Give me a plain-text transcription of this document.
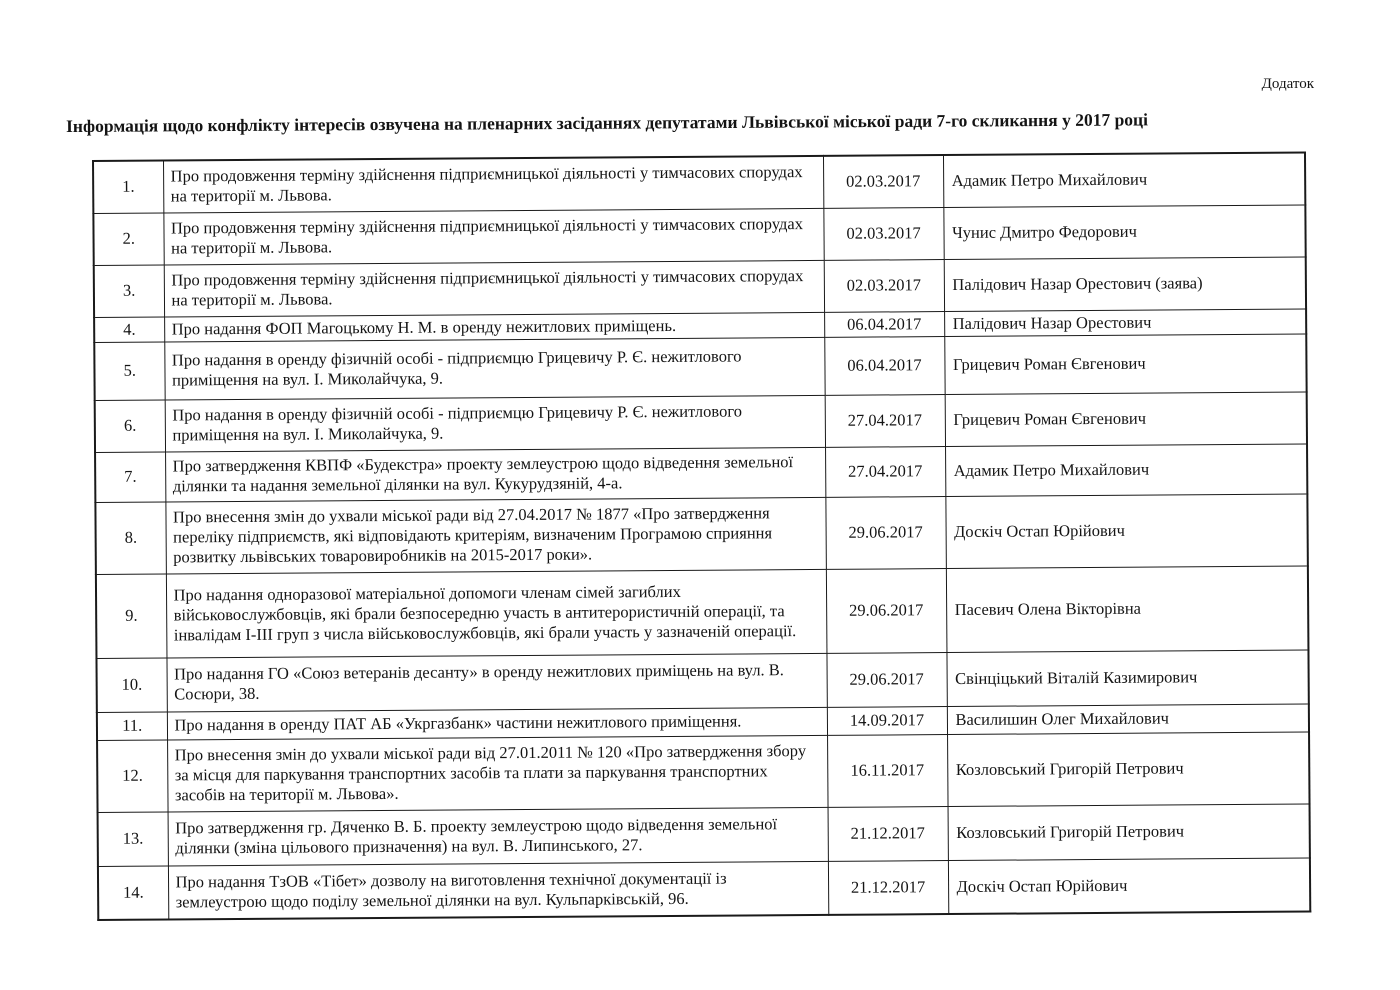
Додаток
Інформація щодо конфлікту інтересів озвучена на пленарних засіданнях депутатами Львівської міської ради 7-го скликання у 2017 році
1.	Про продовження терміну здійснення підприємницької діяльності у тимчасових спорудах на території м. Львова.	02.03.2017	Адамик Петро Михайлович
2.	Про продовження терміну здійснення підприємницької діяльності у тимчасових спорудах на території м. Львова.	02.03.2017	Чунис Дмитро Федорович
3.	Про продовження терміну здійснення підприємницької діяльності у тимчасових спорудах на території м. Львова.	02.03.2017	Палідович Назар Орестович (заява)
4.	Про надання ФОП Магоцькому Н. М. в оренду нежитлових приміщень.	06.04.2017	Палідович Назар Орестович
5.	Про надання в оренду фізичній особі - підприємцю Грицевичу Р. Є. нежитлового приміщення на вул. І. Миколайчука, 9.	06.04.2017	Грицевич Роман Євгенович
6.	Про надання в оренду фізичній особі - підприємцю Грицевичу Р. Є. нежитлового приміщення на вул. І. Миколайчука, 9.	27.04.2017	Грицевич Роман Євгенович
7.	Про затвердження КВПФ «Будекстра» проекту землеустрою щодо відведення земельної ділянки та надання земельної ділянки на вул. Кукурудзяній, 4-а.	27.04.2017	Адамик Петро Михайлович
8.	Про внесення змін до ухвали міської ради від 27.04.2017 № 1877 «Про затвердження переліку підприємств, які відповідають критеріям, визначеним Програмою сприяння розвитку львівських товаровиробників на 2015-2017 роки».	29.06.2017	Доскіч Остап Юрійович
9.	Про надання одноразової матеріальної допомоги членам сімей загиблих військовослужбовців, які брали безпосередню участь в антитерористичній операції, та інвалідам І-ІІІ груп з числа військовослужбовців, які брали участь у зазначеній операції.	29.06.2017	Пасевич Олена Вікторівна
10.	Про надання ГО «Союз ветеранів десанту» в оренду нежитлових приміщень на вул. В. Сосюри, 38.	29.06.2017	Свінціцький Віталій Казимирович
11.	Про надання в оренду ПАТ АБ «Укргазбанк» частини нежитлового приміщення.	14.09.2017	Василишин Олег Михайлович
12.	Про внесення змін до ухвали міської ради від 27.01.2011 № 120 «Про затвердження збору за місця для паркування транспортних засобів та плати за паркування транспортних засобів на території м. Львова».	16.11.2017	Козловський Григорій Петрович
13.	Про затвердження гр. Дяченко В. Б. проекту землеустрою щодо відведення земельної ділянки (зміна цільового призначення) на вул. В. Липинського, 27.	21.12.2017	Козловський Григорій Петрович
14.	Про надання ТзОВ «Тібет» дозволу на виготовлення технічної документації із землеустрою щодо поділу земельної ділянки на вул. Кульпарківській, 96.	21.12.2017	Доскіч Остап Юрійович
